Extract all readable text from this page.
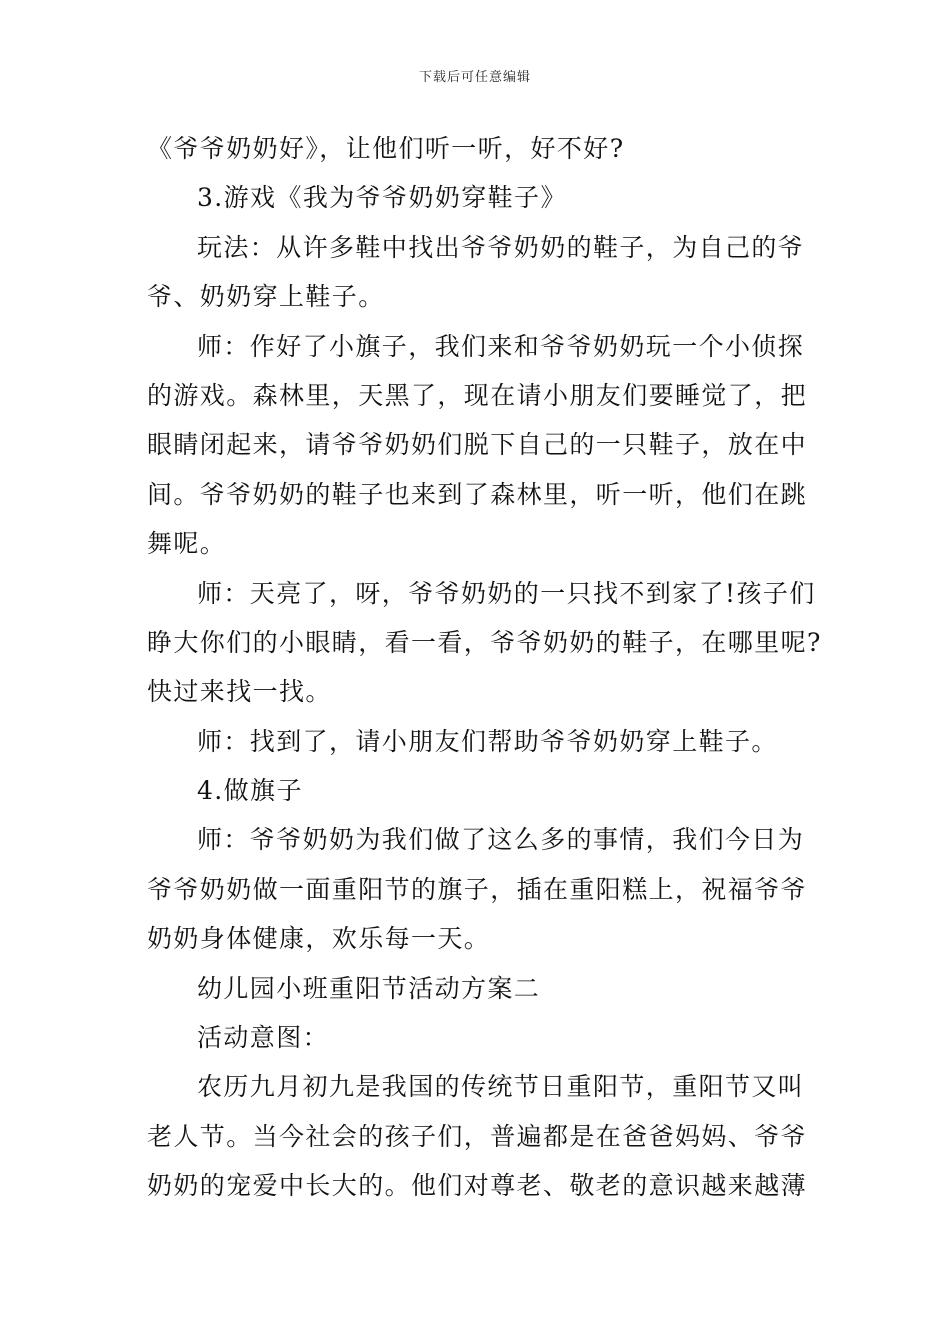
下载后可任意编辑
《爷爷奶奶好》，让他们听一听，好不好?
3.游戏《我为爷爷奶奶穿鞋子》
玩法：从许多鞋中找出爷爷奶奶的鞋子，为自己的爷
爷、奶奶穿上鞋子。
师：作好了小旗子，我们来和爷爷奶奶玩一个小侦探
的游戏。森林里，天黑了，现在请小朋友们要睡觉了，把
眼睛闭起来，请爷爷奶奶们脱下自己的一只鞋子，放在中
间。爷爷奶奶的鞋子也来到了森林里，听一听，他们在跳
舞呢。
师：天亮了，呀，爷爷奶奶的一只找不到家了!孩子们
睁大你们的小眼睛，看一看，爷爷奶奶的鞋子，在哪里呢?
快过来找一找。
师：找到了，请小朋友们帮助爷爷奶奶穿上鞋子。
4.做旗子
师：爷爷奶奶为我们做了这么多的事情，我们今日为
爷爷奶奶做一面重阳节的旗子，插在重阳糕上，祝福爷爷
奶奶身体健康，欢乐每一天。
幼儿园小班重阳节活动方案二
活动意图：
农历九月初九是我国的传统节日重阳节，重阳节又叫
老人节。当今社会的孩子们，普遍都是在爸爸妈妈、爷爷
奶奶的宠爱中长大的。他们对尊老、敬老的意识越来越薄
